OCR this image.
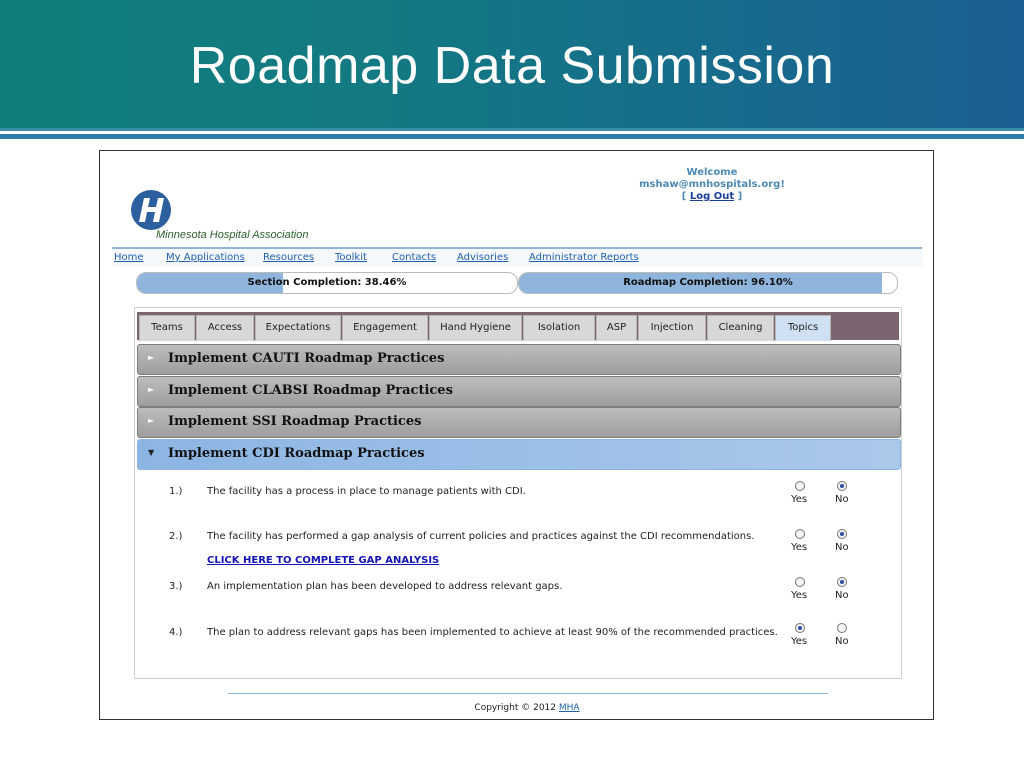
Roadmap Data Submission
Minnesota Hospital Association
Welcome mshaw@mnhospitals.org!
[ Log Out ]
Home My Applications Resources Toolkit	Contacts Advisories Administrator Reports
Section Completion: 38.46%	Roadmap Completion: 96.10%
Teams	Access	Expectations	Engagement	Hand Hygiene	Isolation	ASP	Injection	Cleaning	Topics
► Implement CAUTI Roadmap Practices
► Implement CLABSI Roadmap Practices
► Implement SSI Roadmap Practices
▼ Implement CDI Roadmap Practices
1.) The facility has a process in place to manage patients with CDI.
Yes	No
2.) The facility has performed a gap analysis of current policies and practices against the CDI recommendations.
CLICK HERE TO COMPLETE GAP ANALYSIS
Yes	No
3.) An implementation plan has been developed to address relevant gaps.
Yes	No
4.) The plan to address relevant gaps has been implemented to achieve at least 90% of the recommended practices.
Yes	No
Copyright © 2012 MHA
